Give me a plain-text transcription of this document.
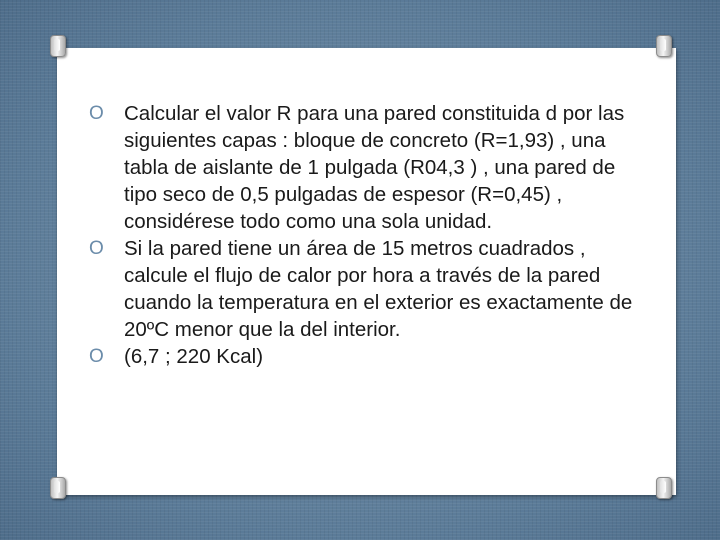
O Calcular el valor R para una pared constituida d por las siguientes capas : bloque de concreto (R=1,93) , una tabla de aislante de 1 pulgada (R04,3 ) , una pared de tipo seco de 0,5 pulgadas de espesor (R=0,45) , considérese todo como una sola unidad.
O Si la pared tiene un área de 15 metros cuadrados , calcule el flujo de calor por hora a través de la pared cuando la temperatura en el exterior es exactamente de 20ºC menor que la del interior.
O (6,7 ; 220 Kcal)
